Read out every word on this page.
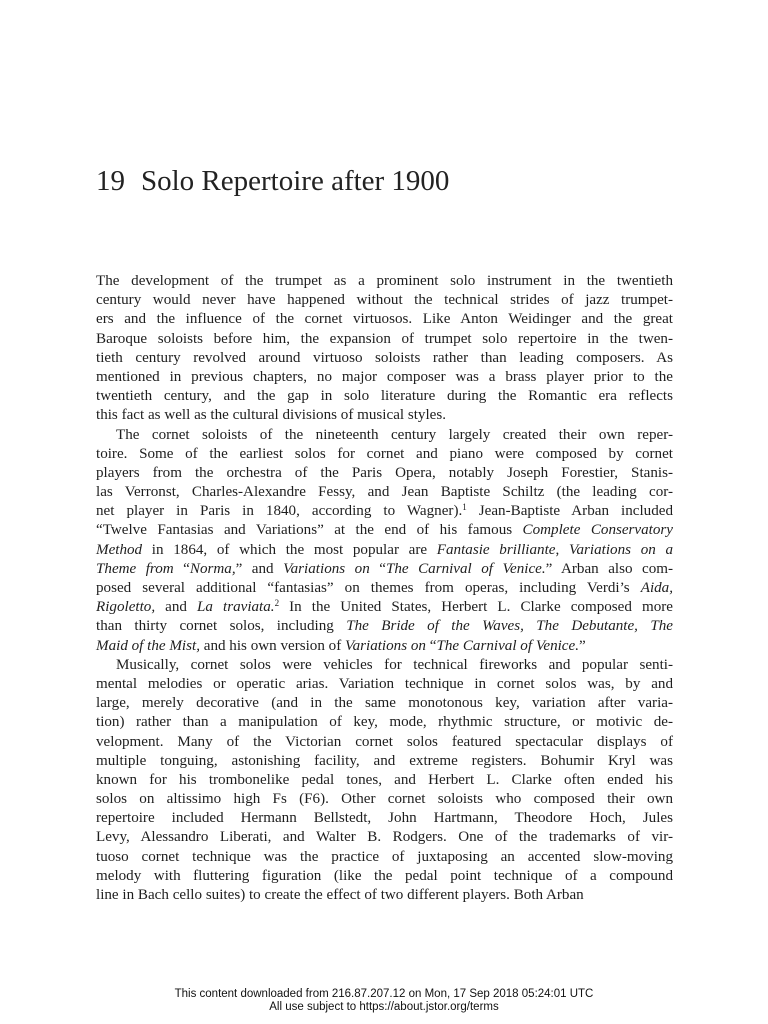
19 Solo Repertoire after 1900
The development of the trumpet as a prominent solo instrument in the twentieth
century would never have happened without the technical strides of jazz trumpet-
ers and the influence of the cornet virtuosos. Like Anton Weidinger and the great
Baroque soloists before him, the expansion of trumpet solo repertoire in the twen-
tieth century revolved around virtuoso soloists rather than leading composers. As
mentioned in previous chapters, no major composer was a brass player prior to the
twentieth century, and the gap in solo literature during the Romantic era reflects
this fact as well as the cultural divisions of musical styles.
The cornet soloists of the nineteenth century largely created their own reper-
toire. Some of the earliest solos for cornet and piano were composed by cornet
players from the orchestra of the Paris Opera, notably Joseph Forestier, Stanis-
las Verronst, Charles-Alexandre Fessy, and Jean Baptiste Schiltz (the leading cor-
net player in Paris in 1840, according to Wagner).$^1$ Jean-Baptiste Arban included
“Twelve Fantasias and Variations” at the end of his famous Complete Conservatory
Method in 1864, of which the most popular are Fantasie brilliante, Variations on a
Theme from “Norma,” and Variations on “The Carnival of Venice.” Arban also com-
posed several additional “fantasias” on themes from operas, including Verdi’s Aida,
Rigoletto, and La traviata.$^2$ In the United States, Herbert L. Clarke composed more
than thirty cornet solos, including The Bride of the Waves, The Debutante, The
Maid of the Mist, and his own version of Variations on “The Carnival of Venice.”
Musically, cornet solos were vehicles for technical fireworks and popular senti-
mental melodies or operatic arias. Variation technique in cornet solos was, by and
large, merely decorative (and in the same monotonous key, variation after varia-
tion) rather than a manipulation of key, mode, rhythmic structure, or motivic de-
velopment. Many of the Victorian cornet solos featured spectacular displays of
multiple tonguing, astonishing facility, and extreme registers. Bohumir Kryl was
known for his trombonelike pedal tones, and Herbert L. Clarke often ended his
solos on altissimo high Fs (F6). Other cornet soloists who composed their own
repertoire included Hermann Bellstedt, John Hartmann, Theodore Hoch, Jules
Levy, Alessandro Liberati, and Walter B. Rodgers. One of the trademarks of vir-
tuoso cornet technique was the practice of juxtaposing an accented slow-moving
melody with fluttering figuration (like the pedal point technique of a compound
line in Bach cello suites) to create the effect of two different players. Both Arban
This content downloaded from 216.87.207.12 on Mon, 17 Sep 2018 05:24:01 UTC
All use subject to https://about.jstor.org/terms
